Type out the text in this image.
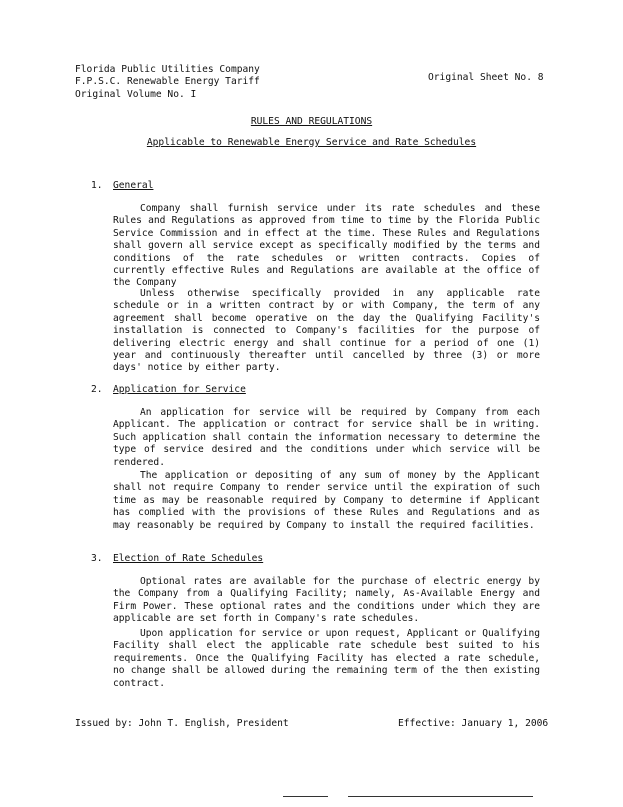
Florida Public Utilities Company
F.P.S.C. Renewable Energy Tariff
Original Volume No. I
Original Sheet No. 8
RULES AND REGULATIONS
Applicable to Renewable Energy Service and Rate Schedules
1. General

Company shall furnish service under its rate schedules and these Rules and Regulations as approved from time to time by the Florida Public Service Commission and in effect at the time. These Rules and Regulations shall govern all service except as specifically modified by the terms and conditions of the rate schedules or written contracts. Copies of currently effective Rules and Regulations are available at the office of the Company

Unless otherwise specifically provided in any applicable rate schedule or in a written contract by or with Company, the term of any agreement shall become operative on the day the Qualifying Facility's installation is connected to Company's facilities for the purpose of delivering electric energy and shall continue for a period of one (1) year and continuously thereafter until cancelled by three (3) or more days' notice by either party.

2. Application for Service

An application for service will be required by Company from each Applicant. The application or contract for service shall be in writing. Such application shall contain the information necessary to determine the type of service desired and the conditions under which service will be rendered.

The application or depositing of any sum of money by the Applicant shall not require Company to render service until the expiration of such time as may be reasonable required by Company to determine if Applicant has complied with the provisions of these Rules and Regulations and as may reasonably be required by Company to install the required facilities.

3. Election of Rate Schedules

Optional rates are available for the purchase of electric energy by the Company from a Qualifying Facility; namely, As-Available Energy and Firm Power. These optional rates and the conditions under which they are applicable are set forth in Company's rate schedules.

Upon application for service or upon request, Applicant or Qualifying Facility shall elect the applicable rate schedule best suited to his requirements. Once the Qualifying Facility has elected a rate schedule, no change shall be allowed during the remaining term of the then existing contract.

Issued by: John T. English, President	Effective: January 1, 2006
